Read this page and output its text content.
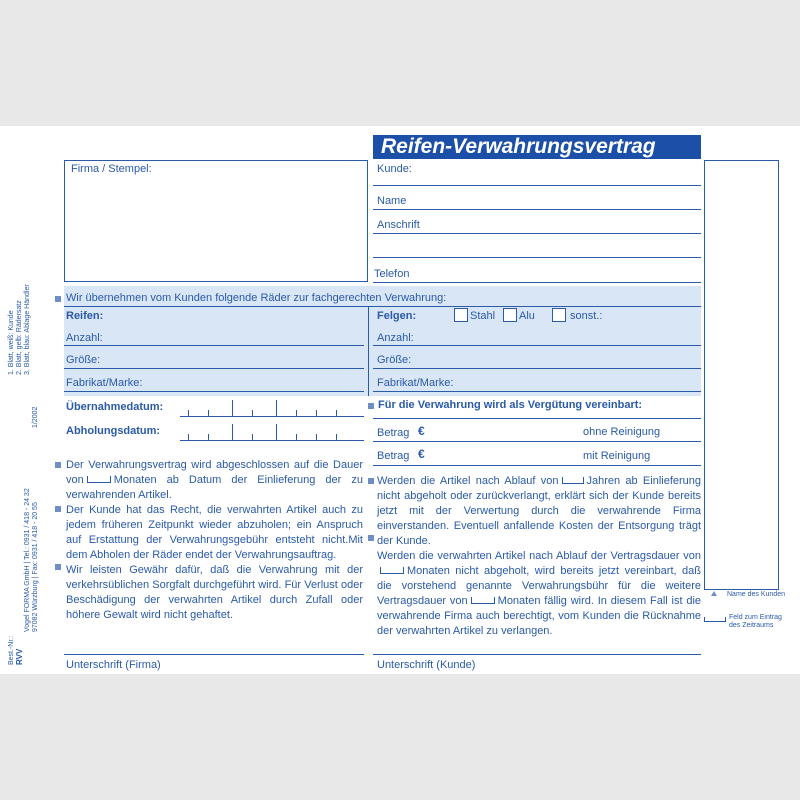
1. Blatt, weiß: Kunde 2. Blatt, gelb: Rädersatz 3. Blatt, blau: Ablage Händler
1/2002
Best.-Nr.: RVV
Vogel FORMA GmbH | Tel.: 0931 / 418 - 24 32 97082 Würzburg | Fax: 0931 / 418 - 20 55
Reifen-Verwahrungsvertrag
Firma / Stempel:	Kunde:
Name
Anschrift
Telefon
Name des Kunden
Feld zum Eintrag
des Zeitraums
Wir übernehmen vom Kunden folgende Räder zur fachgerechten Verwahrung:
Reifen:
Anzahl:
Größe:
Fabrikat/Marke:
Felgen:	Stahl Alu	sonst.:
Anzahl:
Größe:
Fabrikat/Marke:
Übernahmedatum:
Abholungsdatum:
Für die Verwahrung wird als Vergütung vereinbart:
Betrag €	ohne Reinigung
Betrag €	mit Reinigung

Der Verwahrungsvertrag wird abgeschlossen auf die Dauer von	Monaten ab Datum der Einlieferung der zu verwahrenden Artikel.

Der Kunde hat das Recht, die verwahrten Artikel auch zu jedem früheren Zeitpunkt wieder abzuholen; ein Anspruch auf Erstattung der Verwahrungsgebühr entsteht nicht.Mit dem Abholen der Räder endet der Verwahrungsauftrag.

Wir leisten Gewähr dafür, daß die Verwahrung mit der verkehrsüblichen Sorgfalt durchgeführt wird. Für Verlust oder Beschädigung der verwahrten Artikel durch Zufall oder höhere Gewalt wird nicht gehaftet.

Werden die Artikel nach Ablauf von	Jahren ab Einlieferung nicht abgeholt oder zurückverlangt, erklärt sich der Kunde bereits jetzt mit der Verwertung durch die verwahrende Firma einverstanden. Eventuell anfallende Kosten der Entsorgung trägt der Kunde.

Werden die verwahrten Artikel nach Ablauf der Vertragsdauer vonMonaten nicht abgeholt, wird bereits jetzt vereinbart, daß die vorstehend genannte Verwahrungsbühr für die weitere Vertragsdauer von	Monaten fällig wird. In diesem Fall ist die verwahrende Firma auch berechtigt, vom Kunden die Rücknahme der verwahrten Artikel zu verlangen.

Unterschrift (Firma)	Unterschrift (Kunde)
